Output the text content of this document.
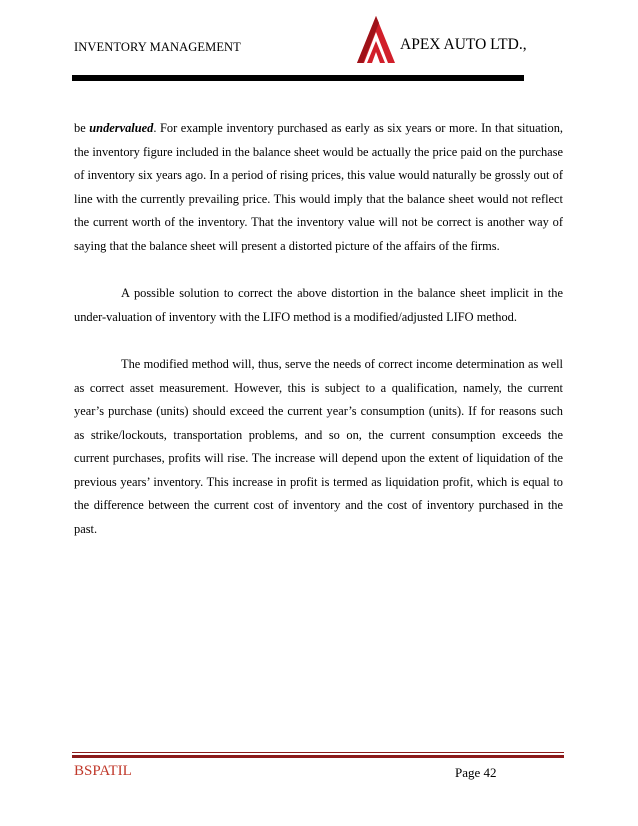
INVENTORY MANAGEMENT	APEX AUTO LTD.,

be undervalued. For example inventory purchased as early as six years or more. In that situation, the inventory figure included in the balance sheet would be actually the price paid on the purchase of inventory six years ago. In a period of rising prices, this value would naturally be grossly out of line with the currently prevailing price. This would imply that the balance sheet would not reflect the current worth of the inventory. That the inventory value will not be correct is another way of saying that the balance sheet will present a distorted picture of the affairs of the firms.

A possible solution to correct the above distortion in the balance sheet implicit in the under-valuation of inventory with the LIFO method is a modified/adjusted LIFO method.

The modified method will, thus, serve the needs of correct income determination as well as correct asset measurement. However, this is subject to a qualification, namely, the current year’s purchase (units) should exceed the current year’s consumption (units). If for reasons such as strike/lockouts, transportation problems, and so on, the current consumption exceeds the current purchases, profits will rise. The increase will depend upon the extent of liquidation of the previous years’ inventory. This increase in profit is termed as liquidation profit, which is equal to the difference between the current cost of inventory and the cost of inventory purchased in the past.

BSPATIL	Page 42
